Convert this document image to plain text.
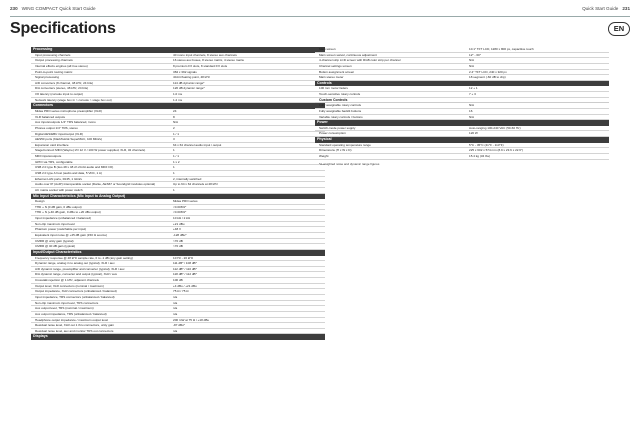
230 WING COMPACT Quick Start Guide	Quick Start Guide 231
Specifications	EN
Processing
Input processing channels	40 mono input channels, 8 stereo aux channels
Output processing channels	16 stereo aux buses, 8 stereo matrix, 4 stereo mains
Internal effects engines (all true stereo)	8 premium FX slots, 8 standard FX slots
Point-to-point routing matrix	384 x 392 signals
Signal processing	40-bit floating point, 48 kHz
A/D converters (8 channel, 48 kHz, 24 bits)	114 dB dynamic range*
D/A converters (stereo, 48 kHz, 24 bits)	120 dB dynamic range*
I/O latency (console input to output)	1.0 ms
Network latency (stage box in > console > stage box out)	1.2 ms
Connectors
Midas PRO series microphone preamplifier (XLR)	24
XLR balanced outputs	8
Aux inputs/outputs 1/4" TRS balanced, mono	N/A
Phones output 1/4" TRS, stereo	2
Digital AES/EBU input/output (XLR)	1 / 1
AES50 ports (KlarkTeknik SuperMAC, 100 Mbit/s)	3
Expansion card interface	64 x 64 channel audio input / output
StageConnect MIDI (Wayne) I/O 12 V / 100 W power supplied, XLR, 32 channels)	1
MIDI inputs/outputs	1 / 1
GPIO via TRS, configurable	1 x 2
USB 2.0 type B (two 48 x 48 ch 24-bit audio and MIDI I/O)	1
USB 2.0 type A host (audio and data, 5 VDC, 1 A)	1
Ethernet LAN ports, RJ45, 1 Gbit/s	2, internally switched
Audio over IP (AoIP) interoperable socket (Dante, AES67 or Soundgrid modules optional)	Up to 64 x 64 channels at 48 kHz
AC mains socket with power switch	1
Mic Input Characteristics (Mic Input to Analog Output)
Design	Midas PRO series
THD + N (0 dB gain, 0 dBu output)	<0.006%*
THD + N (+40 dB gain, 0 dBu to +20 dBu output)	<0.006%*
Input impedance (unbalanced / balanced)	10 kΩ / 2 kΩ
Non-clip maximum input level	+21 dBu
Phantom power (switchable per input)	+48 V
Equivalent input noise @ +45 dB gain (150 Ω source)	-128 dBu*
CMRR @ unity gain (typical)	>70 dB
CMRR @ 40 dB gain (typical)	>70 dB
Input/Output Characteristics
Frequency response @ 48 kHz sample rate, 0 to -1 dB (any gain setting)	10 Hz - 20 kHz
Dynamic range, analog in to analog out (typical), XLR / aux	111 dB* / 108 dB*
A/D dynamic range, preamplifier and converter (typical), XLR / aux	112 dB* / 110 dB*
D/A dynamic range, converter and output (typical), XLR / aux	118 dB* / 112 dB*
Crosstalk rejection @ 1 kHz, adjacent channels	100 dB
Output level, XLR connectors (nominal / maximum)	+4 dBu / +21 dBu
Output impedance, XLR connectors (unbalanced / balanced)	75 Ω / 75 Ω
Input impedance, TRS connectors (unbalanced / balanced)	n/a
Non-clip maximum input level, TRS connectors	n/a
Aux output level, TRS (nominal / maximum)	n/a
Aux output impedance, TRS (unbalanced / balanced)	n/a
Headphone output impedance / maximum output level	200 mW at 75 Ω / +18 dBu
Residual noise level, XLR out 1 thru connectors, unity gain	-87 dBu*
Residual noise level, aux and monitor TRS out connectors	n/a
Displays
Main screen	10.1" TFT LCD, 1280 x 800 px, capacitive touch
Main screen swivel, continuous adjustment	12° - 60°
4-channel strip LCD screen with RGB color strip per channel	N/A
Channel settings screen	N/A
Button assignment screen	2.4" TFT LCD, 240 x 320 px
Main stereo meter	18 segment (-60 dB to clip)
Controls
100 mm motor faders	12 + 1
Touch-sensitive rotary controls	7 + 3
Custom Controls
Fully assignable rotary controls	N/A
Fully assignable backlit buttons	16
Variable rotary controls / buttons	N/A
Power
Switch-mode power supply	Auto-ranging 100-240 VAC (50-60 Hz)
Power consumption	120 W
Physical
Standard operating temperature range	5°C - 45°C (41°F - 113°F)
Dimensions (H x W x D)	225 x 602 x 574 mm (8.9 x 23.6 x 22.6")
Weight	15.4 kg (34 lbs)
*A-weighted noise and dynamic range figures
